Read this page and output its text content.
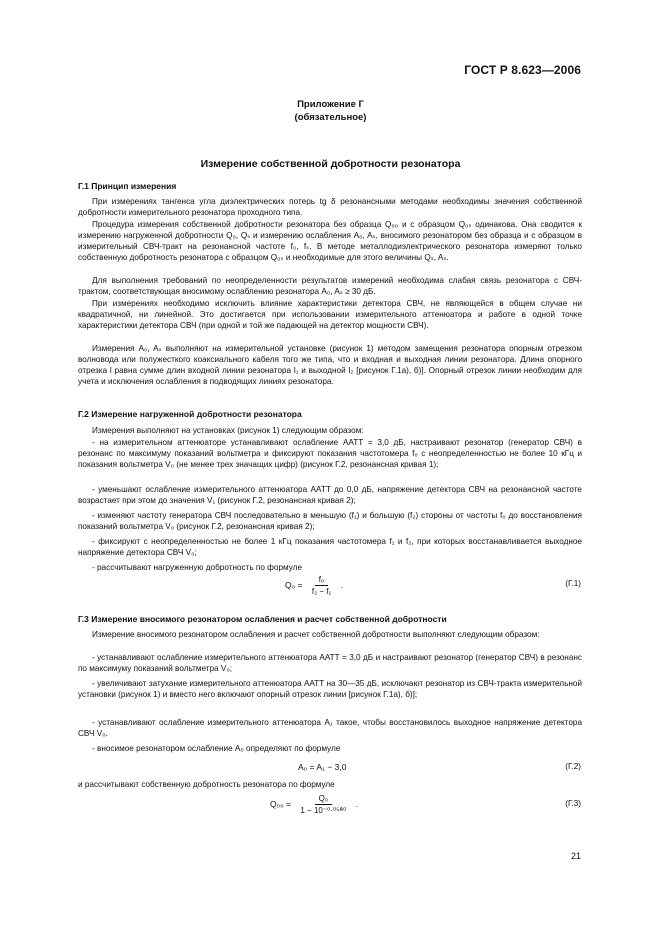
ГОСТ Р 8.623—2006
Приложение Г
(обязательное)
Измерение собственной добротности резонатора
Г.1 Принцип измерения

При измерениях тангенса угла диэлектрических потерь tg δ резонансными методами необходимы значения собственной добротности измерительного резонатора проходного типа.

Процедура измерения собственной добротности резонатора без образца Q₀₀ и с образцом Q₀ₛ одинакова. Она сводится к измерению нагруженной добротности Q₀, Qₛ и измерению ослабления A₀, Aₛ, вносимого резонатором без образца и с образцом в измерительный СВЧ-тракт на резонансной частоте f₀, fₛ. В методе металлодиэлектрического резонатора измеряют только собственную добротность резонатора с образцом Q₀ₛ и необходимые для этого величины Qₛ, Aₛ.

Для выполнения требований по неопределенности результатов измерений необходима слабая связь резонатора с СВЧ-трактом, соответствующая вносимому ослаблению резонатора A₀, Aₛ ≥ 30 дБ.

При измерениях необходимо исключить влияние характеристики детектора СВЧ, не являющейся в общем случае ни квадратичной, ни линейной. Это достигается при использовании измерительного аттенюатора и работе в одной точке характеристики детектора СВЧ (при одной и той же падающей на детектор мощности СВЧ).

Измерения A₀, Aₛ выполняют на измерительной установке (рисунок 1) методом замещения резонатора опорным отрезком волновода или полужесткого коаксиального кабеля того же типа, что и входная и выходная линии резонатора. Длина опорного отрезка l равна сумме длин входной линии резонатора l₁ и выходной l₂ [рисунок Г.1а), б)]. Опорный отрезок линии необходим для учета и исключения ослабления в подводящих линиях резонатора.

Г.2 Измерение нагруженной добротности резонатора

Измерения выполняют на установках (рисунок 1) следующим образом:

- на измерительном аттенюаторе устанавливают ослабление AATT = 3,0 дБ, настраивают резонатор (генератор СВЧ) в резонанс по максимуму показаний вольтметра и фиксируют показания частотомера f₀ с неопределенностью не более 10 кГц и показания вольтметра V₀ (не менее трех значащих цифр) (рисунок Г.2, резонансная кривая 1);

- уменьшают ослабление измерительного аттенюатора AATT до 0,0 дБ, напряжение детектора СВЧ на резонансной частоте возрастает при этом до значения V₁ (рисунок Г.2, резонансная кривая 2);

- изменяют частоту генератора СВЧ последовательно в меньшую (f₁) и большую (f₂) стороны от частоты f₀ до восстановления показаний вольтметра V₀ (рисунок Г.2, резонансная кривая 2);

- фиксируют с неопределенностью не более 1 кГц показания частотомера f₁ и f₂, при которых восстанавливается выходное напряжение детектора СВЧ V₀;

- рассчитывают нагруженную добротность по формуле

$Q_0 = \frac{\text{f₀}}{\text{f₂ − f₁}}$ .	(Г.1)
Г.3 Измерение вносимого резонатором ослабления и расчет собственной добротности

Измерение вносимого резонатором ослабления и расчет собственной добротности выполняют следующим образом:

- устанавливают ослабление измерительного аттенюатора AATT = 3,0 дБ и настраивают резонатор (генератор СВЧ) в резонанс по максимуму показаний вольтметра V₀;

- увеличивают затухание измерительного аттенюатора AATT на 30—35 дБ, исключают резонатор из СВЧ-тракта измерительной установки (рисунок 1) и вместо него включают опорный отрезок линии [рисунок Г.1а), б)];

- устанавливают ослабление измерительного аттенюатора A₁ такое, чтобы восстановилось выходное напряжение детектора СВЧ V₀.

- вносимое резонатором ослабление A₀ определяют по формуле

A₀ = A₁ − 3,0	(Г.2)

и рассчитывают собственную добротность резонатора по формуле

$Q_{00} = \frac{\text{Q₀}}{\text{1 − 10⁻⁰·⁰⁵ᴬ⁰}}$ .	(Г.3)
21
